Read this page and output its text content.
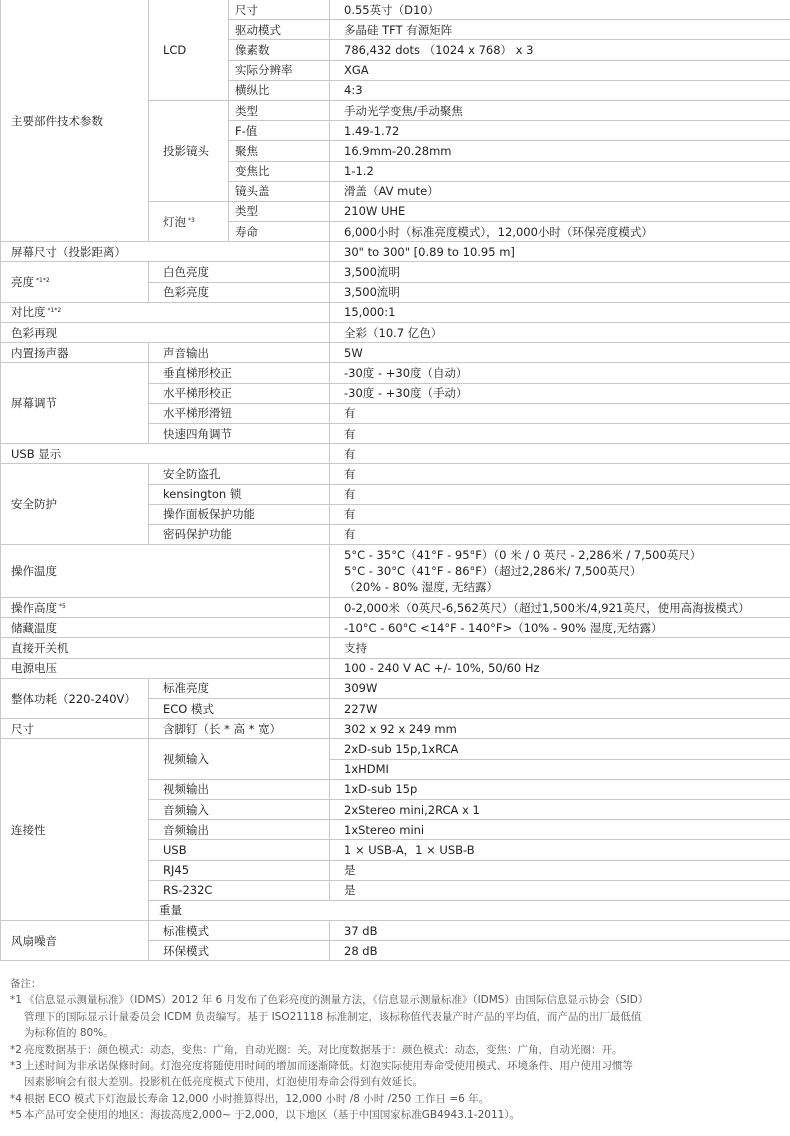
主要部件技术参数	LCD	尺寸	0.55英寸（D10）	
		驱动模式	多晶硅 TFT 有源矩阵	
		像素数	786,432 dots （1024 x 768） x 3	
		实际分辨率	XGA	
		横纵比	4:3	
	投影镜头	类型	手动光学变焦/手动聚焦	
		F-值	1.49-1.72	
		聚焦	16.9mm-20.28mm	
		变焦比	1-1.2	
		镜头盖	滑盖（AV mute）	
	灯泡 $^{*3}$	类型	210W UHE	
		寿命	6,000小时（标准亮度模式），12,000小时（环保亮度模式）	
屏幕尺寸（投影距离）			30" to 300" [0.89 to 10.95 m]	
亮度 $^{*1*2}$	白色亮度		3,500流明	
	色彩亮度		3,500流明	
对比度 $^{*1*2}$			15,000:1	
色彩再现			全彩（10.7 亿色）	
内置扬声器	声音输出		5W	
屏幕调节	垂直梯形校正		-30度 - +30度（自动）	
	水平梯形校正		-30度 - +30度（手动）	
	水平梯形滑钮		有	
	快速四角调节		有	
USB 显示			有	
安全防护	安全防盗孔		有	
	kensington 锁		有	
	操作面板保护功能		有	
	密码保护功能		有	
操作温度			5°C - 35°C（41°F - 95°F）（0 米 / 0 英尺 - 2,286米 / 7,500英尺）
5°C - 30°C（41°F - 86°F）（超过2,286米/ 7,500英尺）
（20% - 80% 湿度, 无结露）	

操作高度 $^{*5}$			0-2,000米（0英尺-6,562英尺）（超过1,500米/4,921英尺，使用高海拔模式）	
储藏温度			-10°C - 60°C <14°F - 140°F>（10% - 90% 湿度,无结露）	
直接开关机			支持	
电源电压			100 - 240 V AC +/- 10%, 50/60 Hz	
整体功耗（220-240V）	标准亮度		309W	
	ECO 模式		227W	
尺寸	含脚钉（长 * 高 * 宽）		302 x 92 x 249 mm	
连接性	视频输入		2xD-sub 15p,1xRCA	
			1xHDMI	
	视频输出		1xD-sub 15p	
	音频输入		2xStereo mini,2RCA x 1	
	音频输出		1xStereo mini	
	USB		1 × USB-A，1 × USB-B	
	RJ45		是	
	RS-232C		是	
	重量	
风扇噪音	标准模式		37 dB	
	环保模式		28 dB	
备注：
*1 《信息显示测量标准》（IDMS）2012 年 6 月发布了色彩亮度的测量方法，《信息显示测量标准》（IDMS）由国际信息显示协会（SID）
管理下的国际显示计量委员会 ICDM 负责编写。基于 ISO21118 标准制定，该标称值代表量产时产品的平均值，而产品的出厂最低值
为标称值的 80%。
*2 亮度数据基于：颜色模式：动态，变焦：广角，自动光圈：关。对比度数据基于：颜色模式：动态，变焦：广角，自动光圈：开。
*3 上述时间为非承诺保修时间。灯泡亮度将随使用时间的增加而逐渐降低。灯泡实际使用寿命受使用模式、环境条件、用户使用习惯等
因素影响会有很大差别。投影机在低亮度模式下使用，灯泡使用寿命会得到有效延长。
*4 根据 ECO 模式下灯泡最长寿命 12,000 小时推算得出，12,000 小时 /8 小时 /250 工作日 =6 年。
*5 本产品可安全使用的地区：海拔高度2,000~ 于2,000，以下地区（基于中国国家标准GB4943.1-2011）。
